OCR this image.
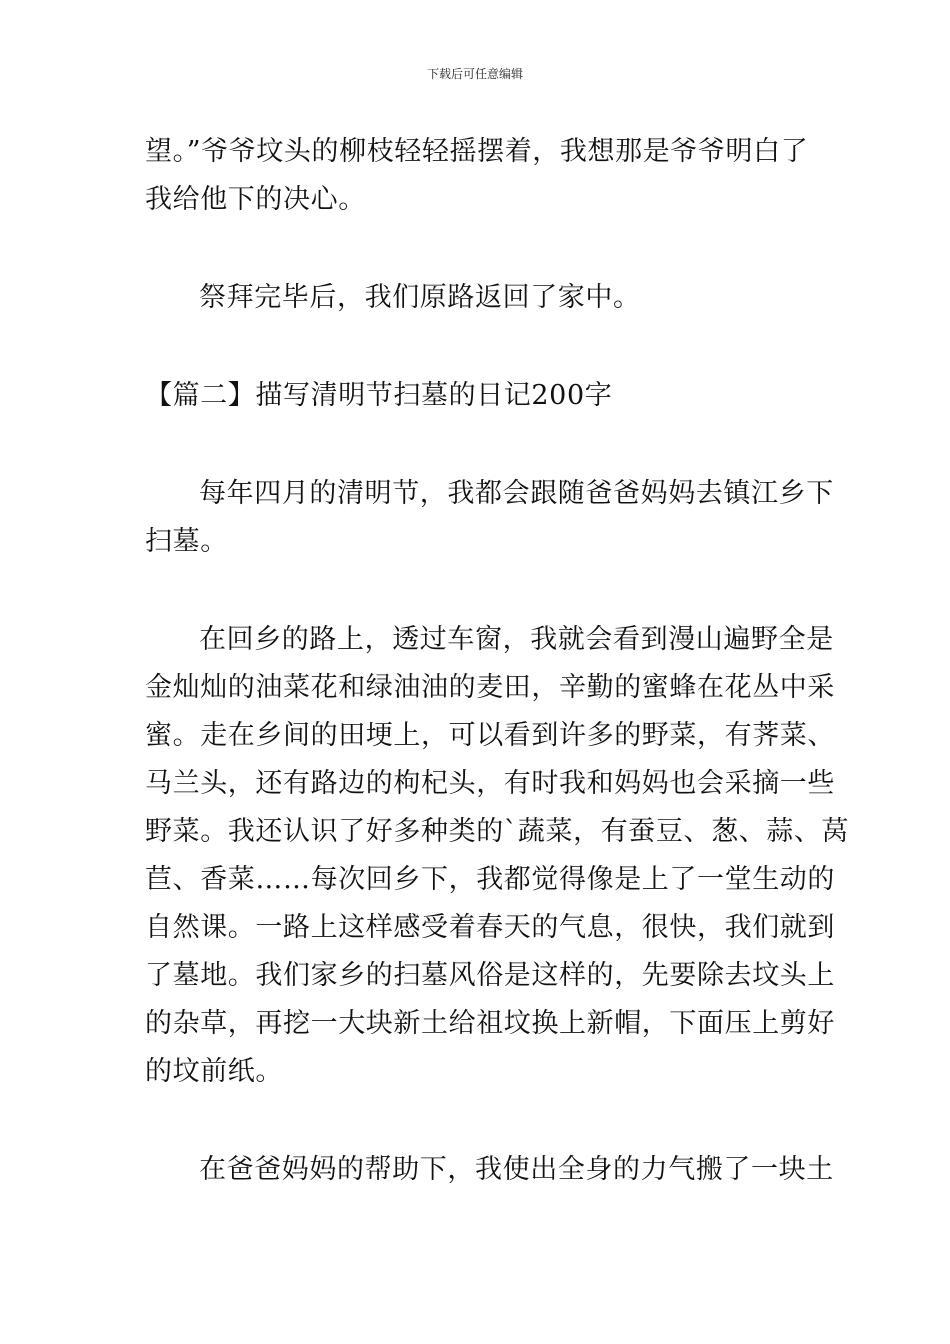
下载后可任意编辑
望。”爷爷坟头的柳枝轻轻摇摆着，我想那是爷爷明白了
我给他下的决心。
祭拜完毕后，我们原路返回了家中。
【篇二】描写清明节扫墓的日记200字
每年四月的清明节，我都会跟随爸爸妈妈去镇江乡下
扫墓。
在回乡的路上，透过车窗，我就会看到漫山遍野全是
金灿灿的油菜花和绿油油的麦田，辛勤的蜜蜂在花丛中采
蜜。走在乡间的田埂上，可以看到许多的野菜，有荠菜、
马兰头，还有路边的枸杞头，有时我和妈妈也会采摘一些
野菜。我还认识了好多种类的`蔬菜，有蚕豆、葱、蒜、莴
苣、香菜……每次回乡下，我都觉得像是上了一堂生动的
自然课。一路上这样感受着春天的气息，很快，我们就到
了墓地。我们家乡的扫墓风俗是这样的，先要除去坟头上
的杂草，再挖一大块新土给祖坟换上新帽，下面压上剪好
的坟前纸。
在爸爸妈妈的帮助下，我使出全身的力气搬了一块土
